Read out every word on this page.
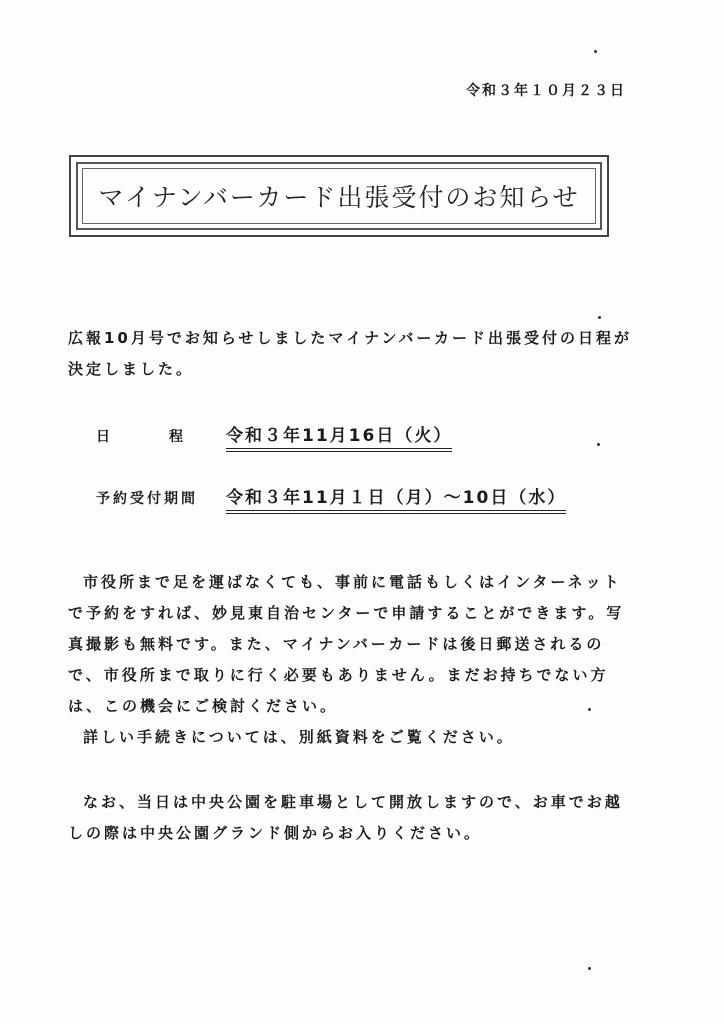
令和３年１０月２３日
マイナンバーカード出張受付のお知らせ
広報10月号でお知らせしましたマイナンバーカード出張受付の日程が決定しました。
日	程 令和３年11月16日（火）
予約受付期間	令和３年11月１日（月）～10日（水）

市役所まで足を運ばなくても、事前に電話もしくはインターネットで予約をすれば、妙見東自治センターで申請することができます。写真撮影も無料です。また、マイナンバーカードは後日郵送されるので、市役所まで取りに行く必要もありません。まだお持ちでない方は、この機会にご検討ください。

詳しい手続きについては、別紙資料をご覧ください。

なお、当日は中央公園を駐車場として開放しますので、お車でお越しの際は中央公園グランド側からお入りください。
